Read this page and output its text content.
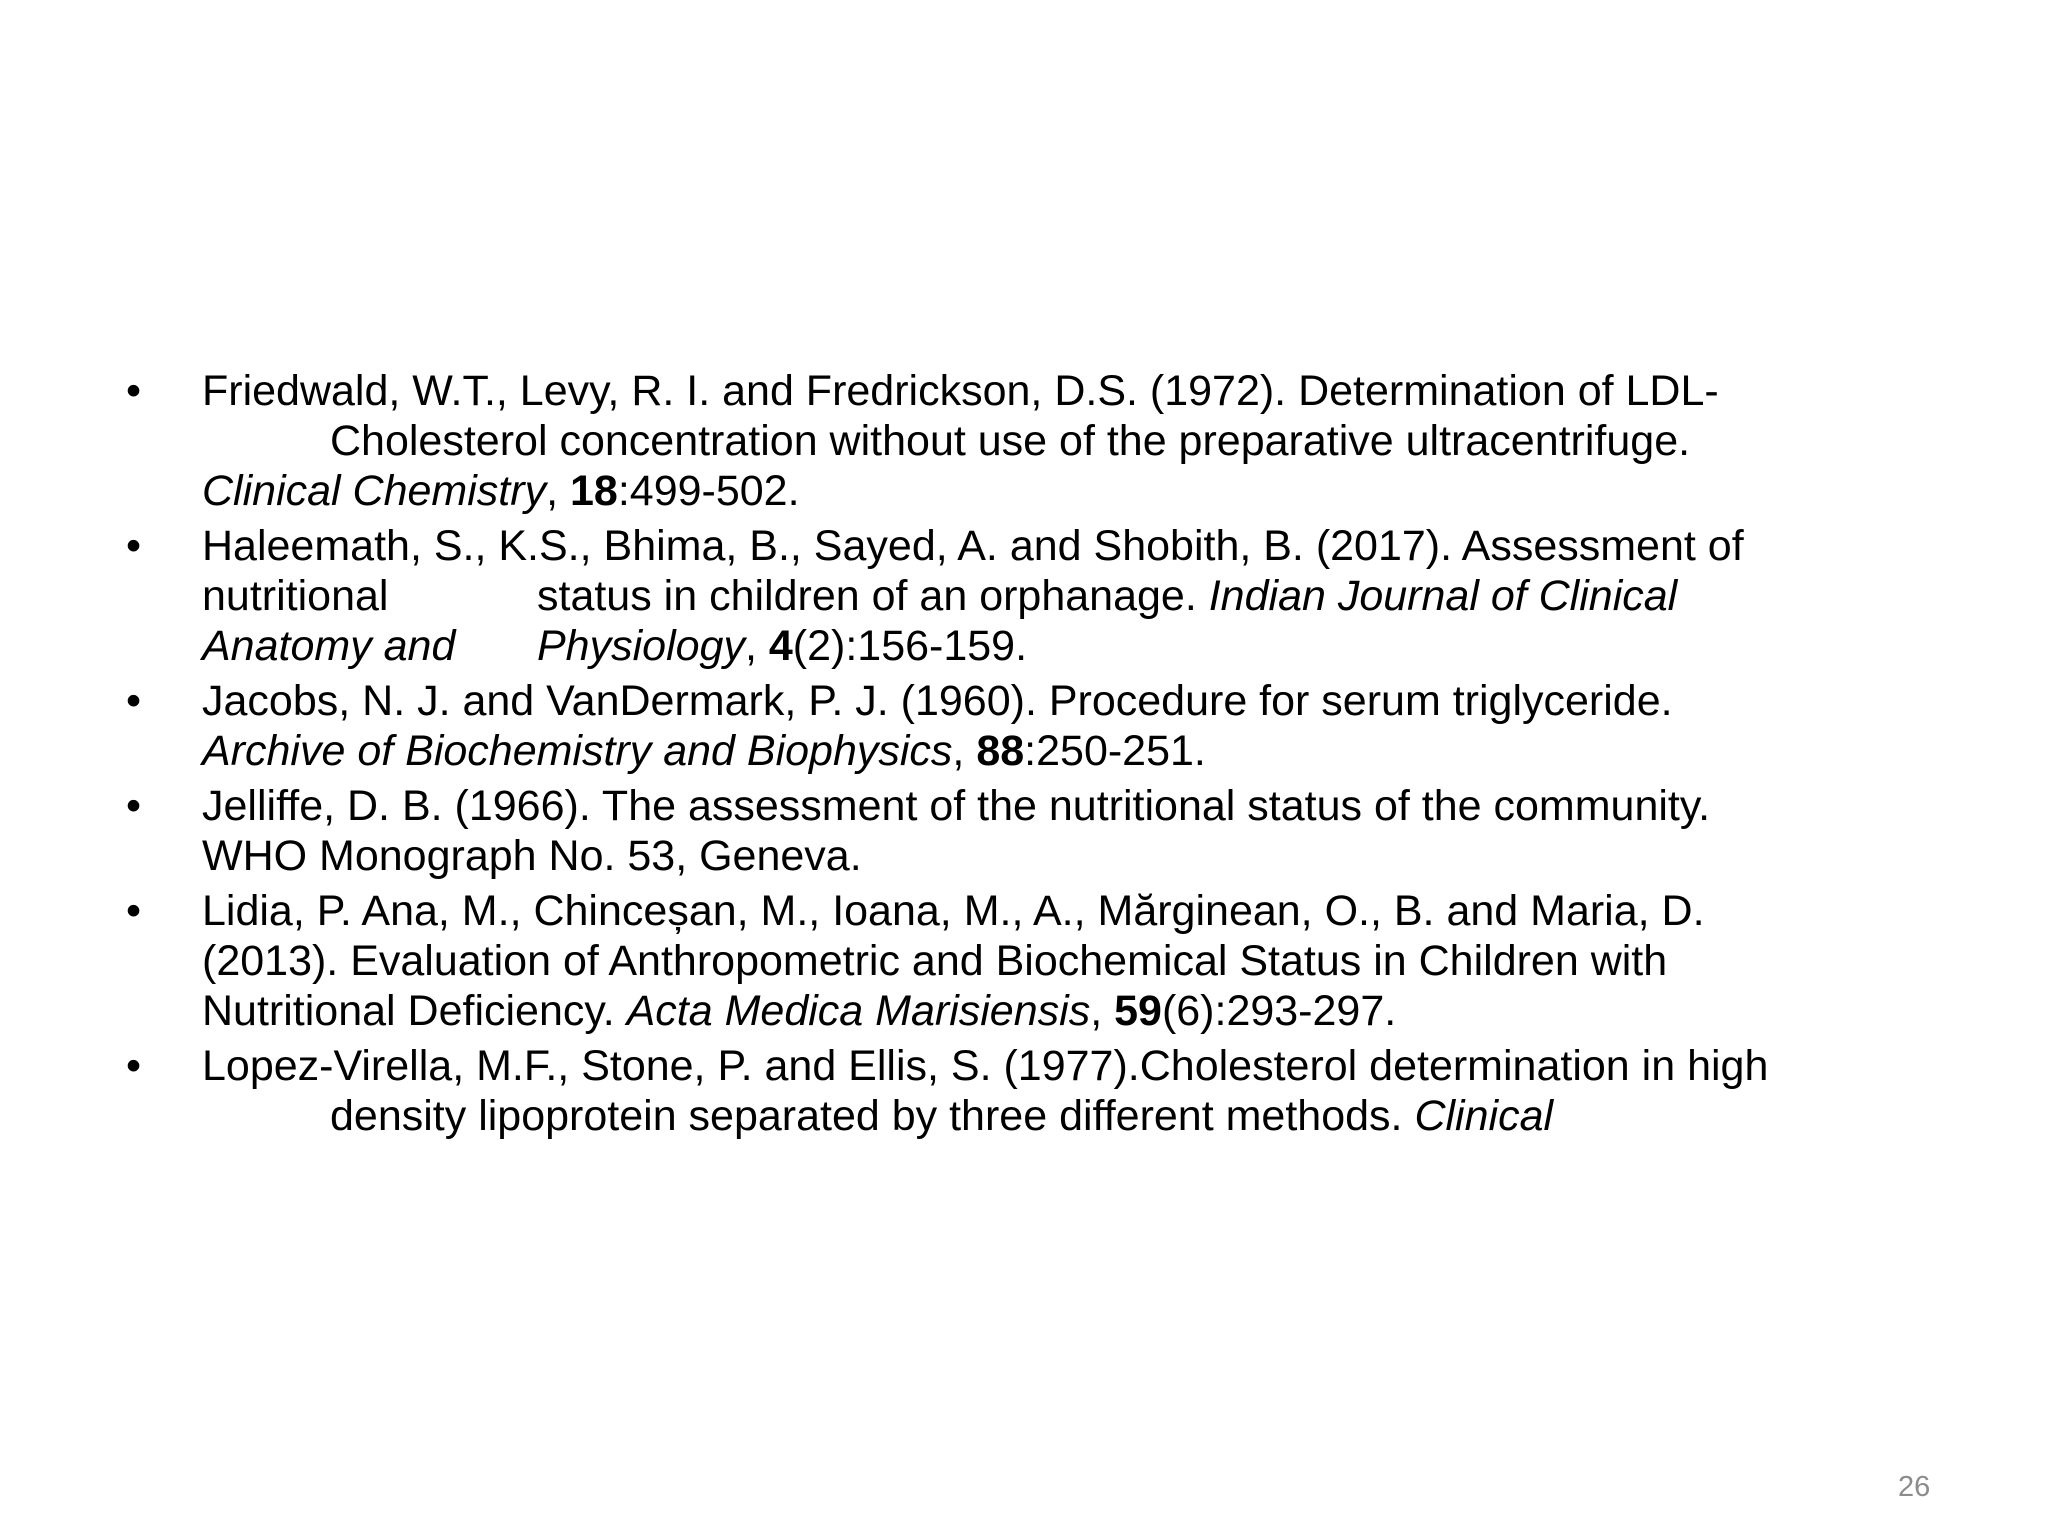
•	Friedwald, W.T., Levy, R. I. and Fredrickson, D.S. (1972). Determination of LDL-
Cholesterol concentration without use of the preparative ultracentrifuge.
Clinical Chemistry, 18:499-502.
•	Haleemath, S., K.S., Bhima, B., Sayed, A. and Shobith, B. (2017). Assessment of
nutritional	status in children of an orphanage. Indian Journal of Clinical
Anatomy and Physiology, 4(2):156-159.
•	Jacobs, N. J. and VanDermark, P. J. (1960). Procedure for serum triglyceride.
Archive of Biochemistry and Biophysics, 88:250-251.
•	Jelliffe, D. B. (1966). The assessment of the nutritional status of the community.
WHO Monograph No. 53, Geneva.
•	Lidia, P. Ana, M., Chinceșan, M., Ioana, M., A., Mărginean, O., B. and Maria, D.
(2013). Evaluation of Anthropometric and Biochemical Status in Children with
Nutritional Deficiency. Acta Medica Marisiensis, 59(6):293-297.
•	Lopez-Virella, M.F., Stone, P. and Ellis, S. (1977).Cholesterol determination in high
density lipoprotein separated by three different methods. Clinical
26
